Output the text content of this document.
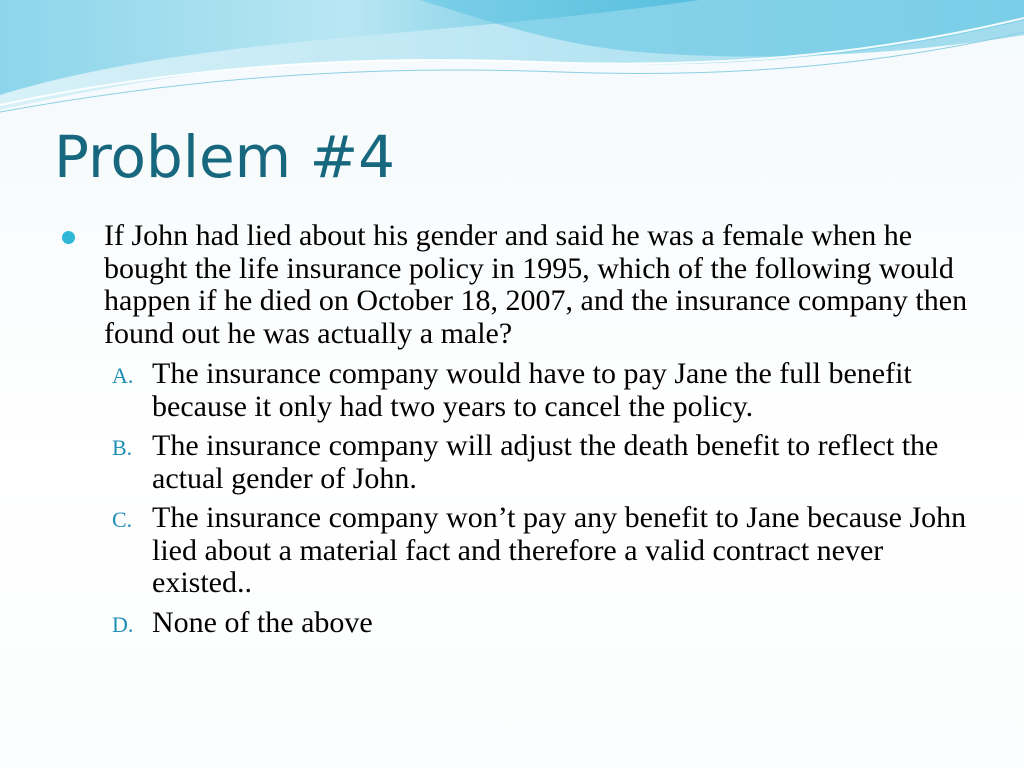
Problem #4
If John had lied about his gender and said he was a female when he bought the life insurance policy in 1995, which of the following would happen if he died on October 18, 2007, and the insurance company then found out he was actually a male?
A. The insurance company would have to pay Jane the full benefit because it only had two years to cancel the policy.
B. The insurance company will adjust the death benefit to reflect the actual gender of John.
C. The insurance company won’t pay any benefit to Jane because John lied about a material fact and therefore a valid contract never existed..
D. None of the above
